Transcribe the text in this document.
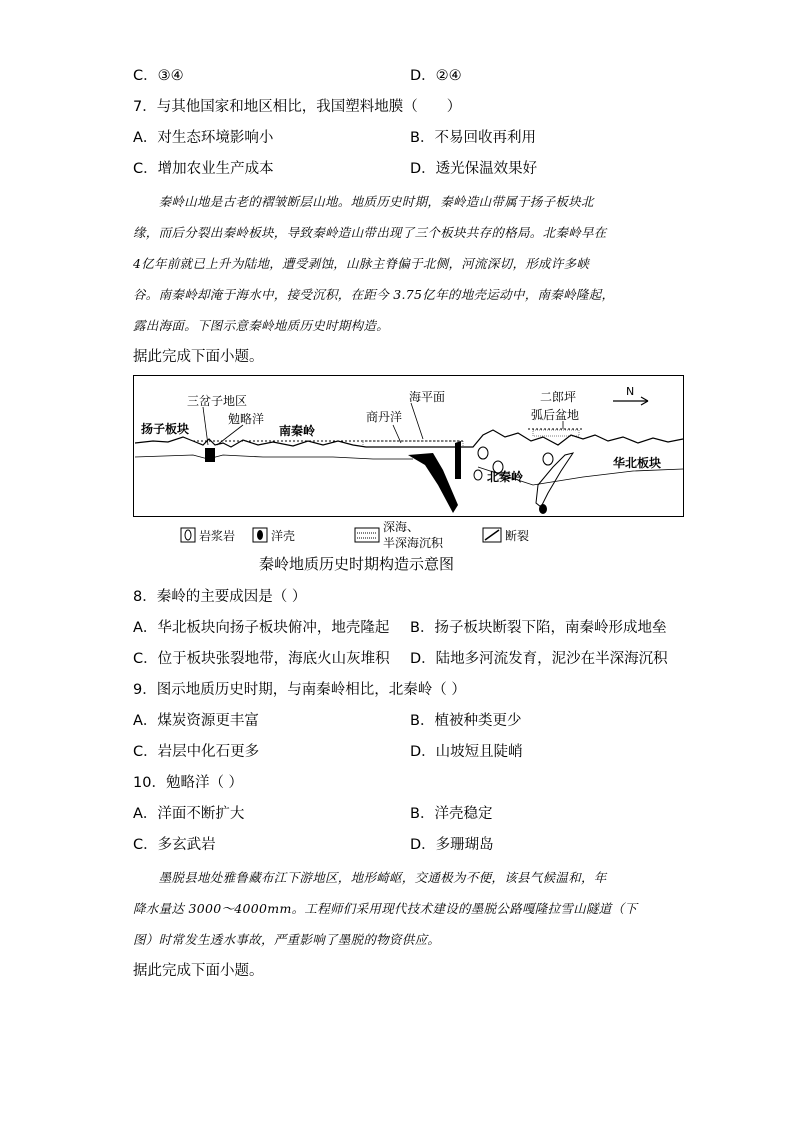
C．③④	D．②④
7．与其他国家和地区相比，我国塑料地膜（　　）
A．对生态环境影响小	B．不易回收再利用
C．增加农业生产成本	D．透光保温效果好

　　秦岭山地是古老的褶皱断层山地。地质历史时期，秦岭造山带属于扬子板块北

缘，而后分裂出秦岭板块，导致秦岭造山带出现了三个板块共存的格局。北秦岭早在

4亿年前就已上升为陆地，遭受剥蚀，山脉主脊偏于北侧，河流深切，形成许多峡

谷。南秦岭却淹于海水中，接受沉积，在距今 3.75亿年的地壳运动中，南秦岭隆起，

露出海面。下图示意秦岭地质历史时期构造。

据此完成下面小题。
三岔子地区
勉略洋
海平面
商丹洋
二郎坪
弧后盆地
N
扬子板块	南秦岭
北秦岭
华北板块
岩浆岩	洋壳
深海、
半深海沉积	断裂
秦岭地质历史时期构造示意图
8．秦岭的主要成因是（ ）
A．华北板块向扬子板块俯冲，地壳隆起 B．扬子板块断裂下陷，南秦岭形成地垒
C．位于板块张裂地带，海底火山灰堆积 D．陆地多河流发育，泥沙在半深海沉积
9．图示地质历史时期，与南秦岭相比，北秦岭（ ）
A．煤炭资源更丰富	B．植被种类更少
C．岩层中化石更多	D．山坡短且陡峭
10．勉略洋（ ）
A．洋面不断扩大	B．洋壳稳定
C．多玄武岩	D．多珊瑚岛

　　墨脱县地处雅鲁藏布江下游地区，地形崎岖，交通极为不便，该县气候温和，年

降水量达 3000～4000mm。工程师们采用现代技术建设的墨脱公路嘎隆拉雪山隧道（下

图）时常发生透水事故，严重影响了墨脱的物资供应。

据此完成下面小题。
